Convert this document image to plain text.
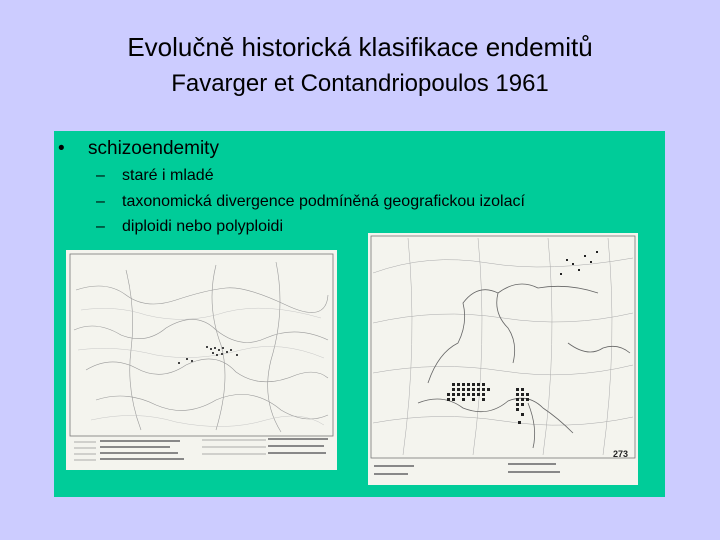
Evolučně historická klasifikace endemitů
Favarger et Contandriopoulos 1961
• schizoendemity
– staré i mladé
– taxonomická divergence podmíněná geografickou izolací
– diploidi nebo polyploidi
273
